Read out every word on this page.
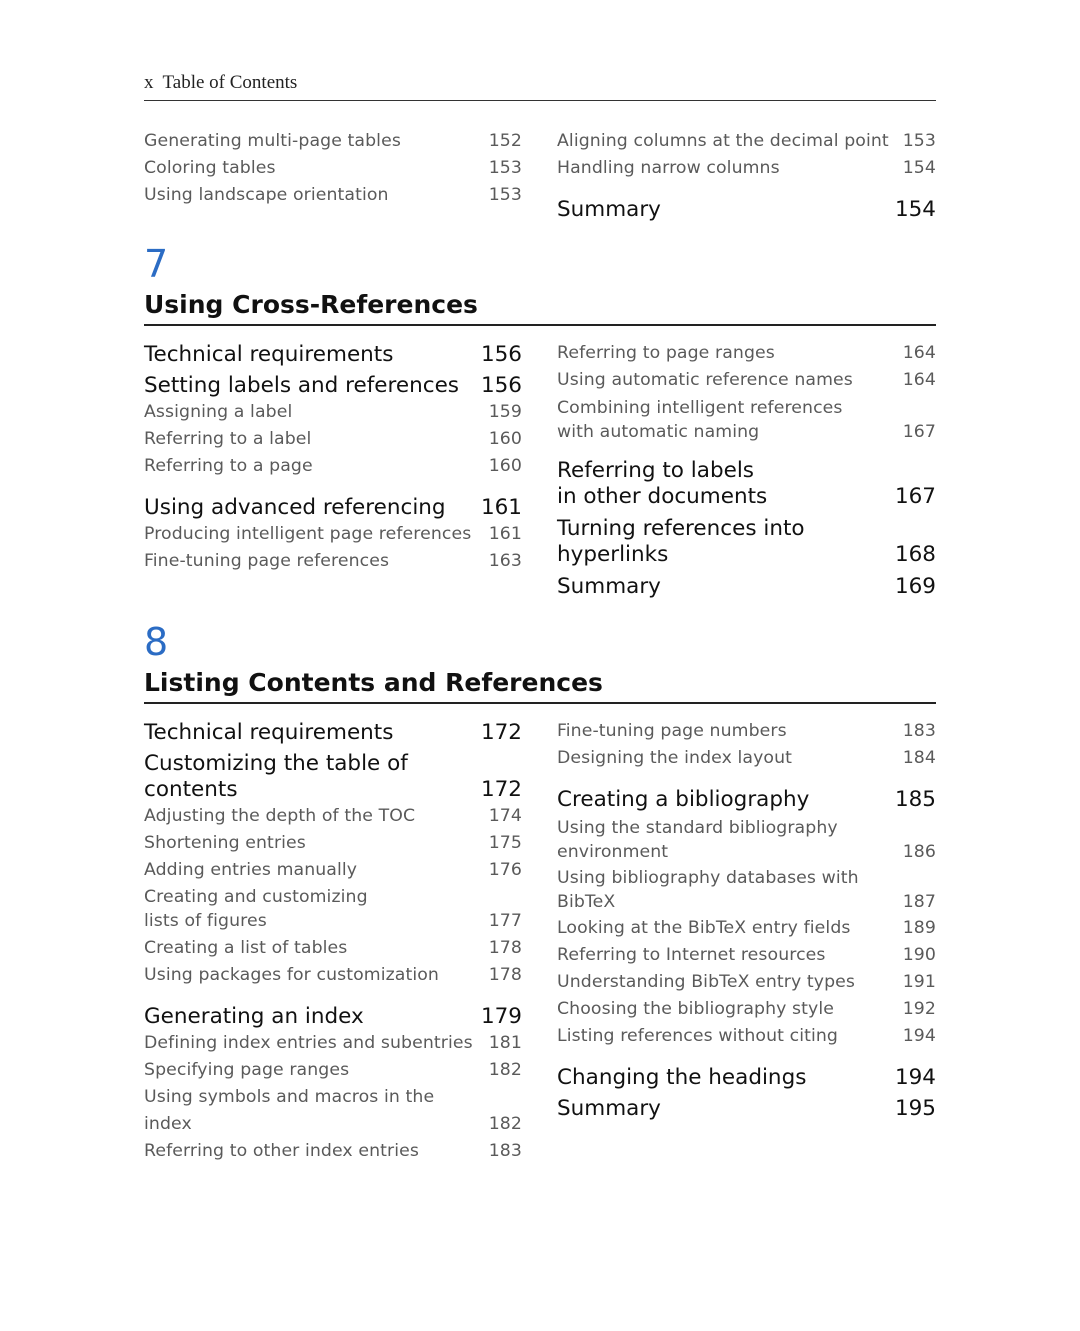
x Table of Contents
Generating multi-page tables	152
Coloring tables	153
Using landscape orientation	153
Aligning columns at the decimal point 153
Handling narrow columns	154
Summary	154
7
Using Cross-References
Technical requirements	156
Setting labels and references	156
Assigning a label	159
Referring to a label	160
Referring to a page	160
Using advanced referencing	161
Producing intelligent page references	161
Fine-tuning page references	163
Referring to page ranges	164
Using automatic reference names	164
Combining intelligent references
with automatic naming	167
Referring to labels
in other documents	167
Turning references into
hyperlinks	168
Summary	169
8
Listing Contents and References
Technical requirements	172
Customizing the table of
contents	172
Adjusting the depth of the TOC	174
Shortening entries	175
Adding entries manually	176
Creating and customizing
lists of figures	177
Creating a list of tables	178
Using packages for customization	178
Generating an index	179
Defining index entries and subentries 181
Specifying page ranges	182
Using symbols and macros in the index	182
Referring to other index entries	183
Fine-tuning page numbers	183
Designing the index layout	184
Creating a bibliography	185
Using the standard bibliography
environment	186
Using bibliography databases with
BibTeX	187
Looking at the BibTeX entry fields	189
Referring to Internet resources	190
Understanding BibTeX entry types	191
Choosing the bibliography style	192
Listing references without citing	194
Changing the headings	194
Summary	195
